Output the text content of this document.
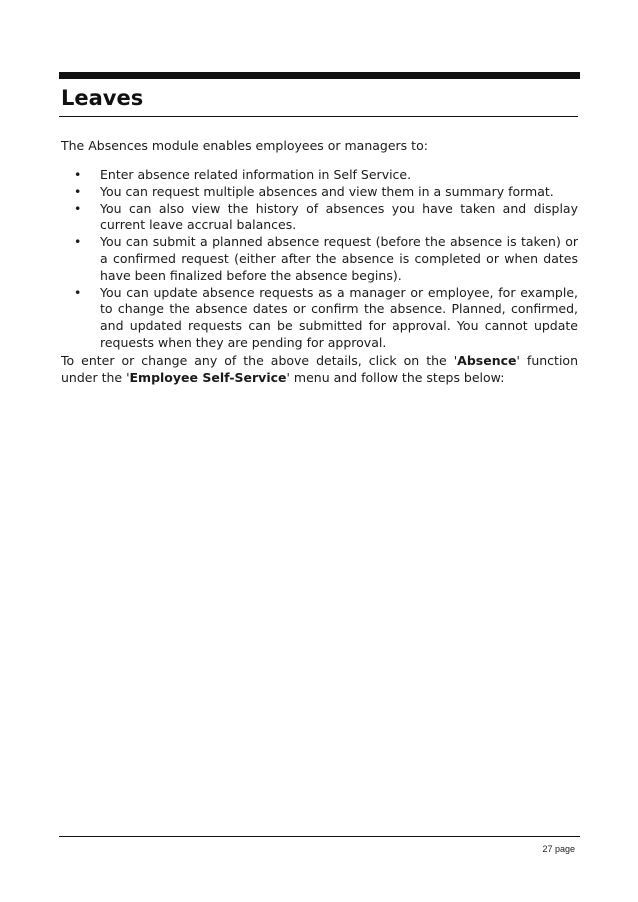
Leaves

The Absences module enables employees or managers to:

• Enter absence related information in Self Service.
• You can request multiple absences and view them in a summary format.
• You can also view the history of absences you have taken and display current leave accrual balances.
• You can submit a planned absence request (before the absence is taken) or a confirmed request (either after the absence is completed or when dates have been finalized before the absence begins).
• You can update absence requests as a manager or employee, for example, to change the absence dates or confirm the absence. Planned, confirmed, and updated requests can be submitted for approval. You cannot update requests when they are pending for approval.

To enter or change any of the above details, click on the 'Absence' function under the 'Employee Self-Service' menu and follow the steps below:

27 page
